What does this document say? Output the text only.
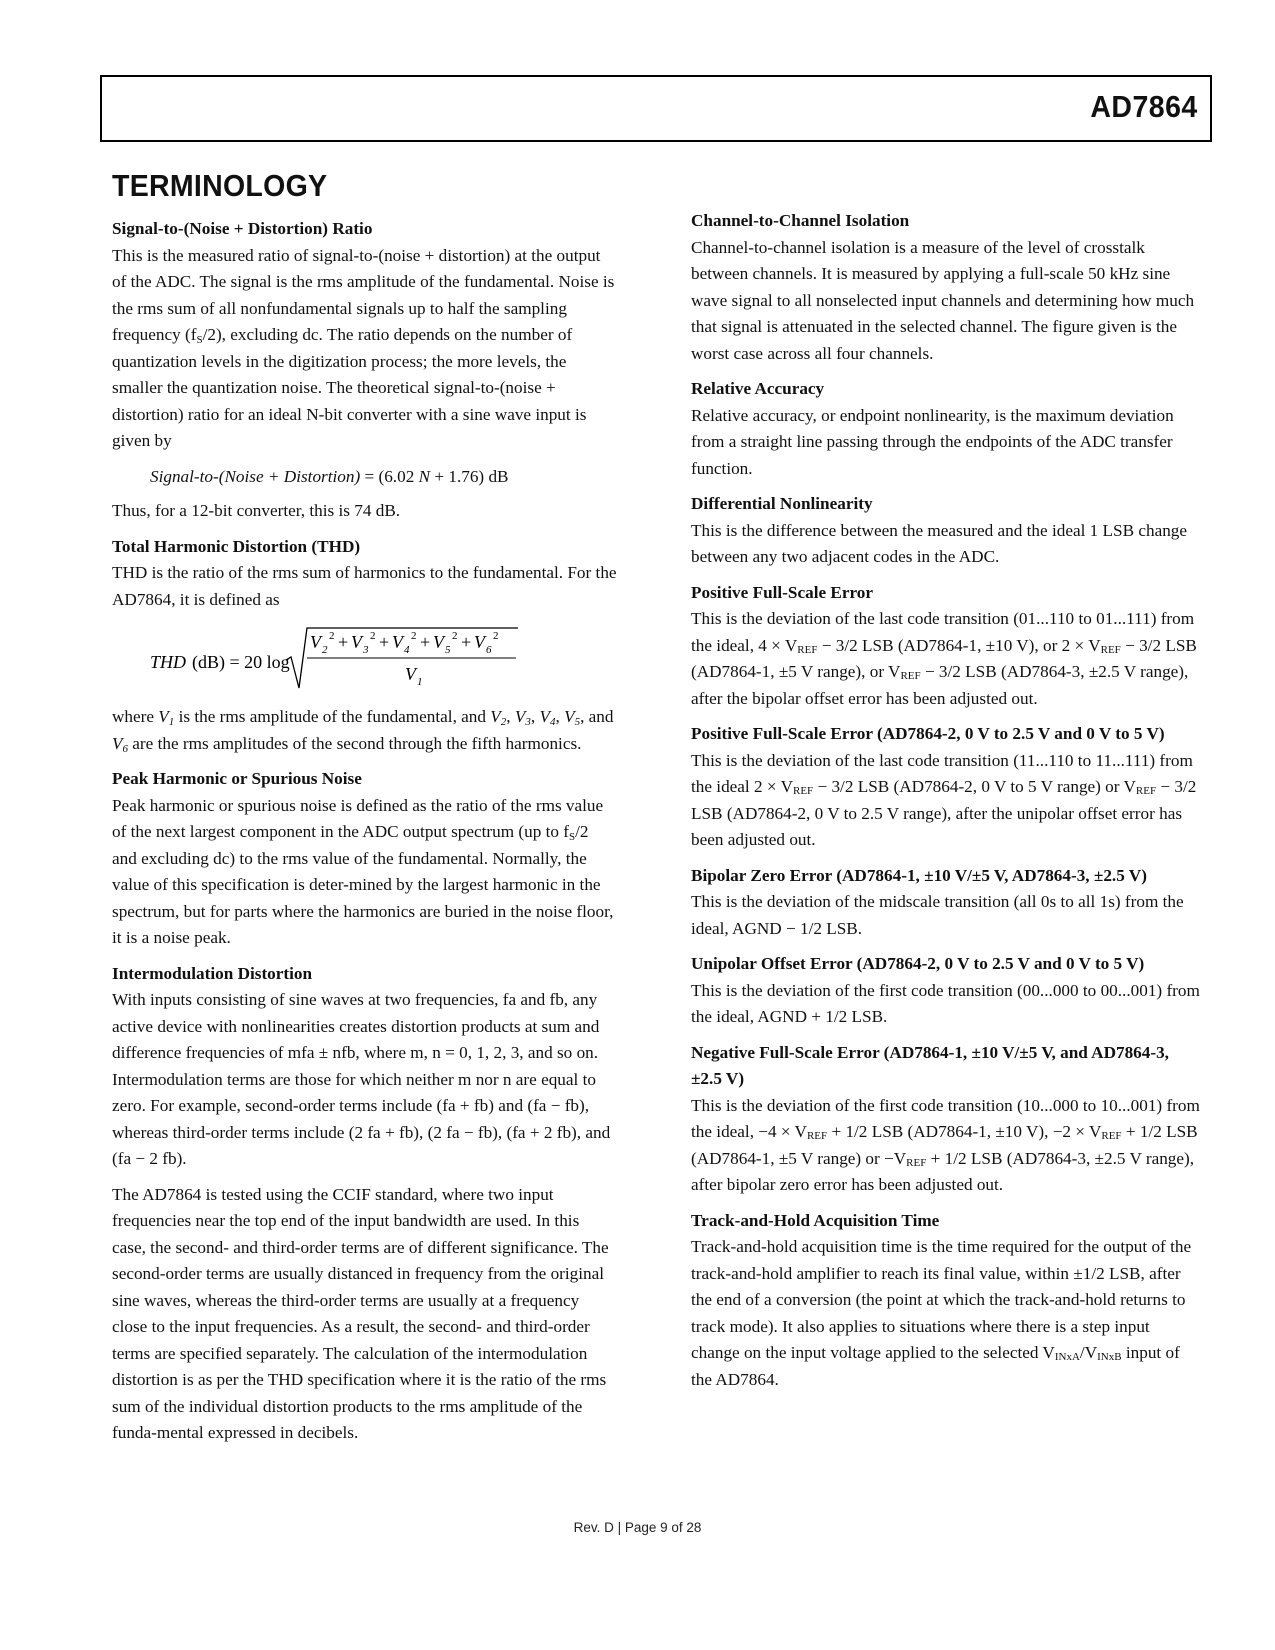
AD7864
TERMINOLOGY
Signal-to-(Noise + Distortion) Ratio

This is the measured ratio of signal-to-(noise + distortion) at the output of the ADC. The signal is the rms amplitude of the fundamental. Noise is the rms sum of all nonfundamental signals up to half the sampling frequency $(f_S/2)$, excluding dc. The ratio depends on the number of quantization levels in the digitization process; the more levels, the smaller the quantization noise. The theoretical signal-to-(noise + distortion) ratio for an ideal N-bit converter with a sine wave input is given by

Signal-to-(Noise + Distortion) = (6.02 N + 1.76) dB

Thus, for a 12-bit converter, this is 74 dB.

Total Harmonic Distortion (THD)

THD is the ratio of the rms sum of harmonics to the fundamental. For the AD7864, it is defined as

THD (dB) = 20 log
V 2
2 + V 3
2 + V 4
2 + V 5
2 + V 6
2
V 1

where $V_1$ is the rms amplitude of the fundamental, and $V_2$, $V_3$, $V_4$, $V_5$, and $V_6$ are the rms amplitudes of the second through the fifth harmonics.

Peak Harmonic or Spurious Noise

Peak harmonic or spurious noise is defined as the ratio of the rms value of the next largest component in the ADC output spectrum (up to $f_S/2$ and excluding dc) to the rms value of the fundamental. Normally, the value of this specification is deter-mined by the largest harmonic in the spectrum, but for parts where the harmonics are buried in the noise floor, it is a noise peak.

Intermodulation Distortion

With inputs consisting of sine waves at two frequencies, fa and fb, any active device with nonlinearities creates distortion products at sum and difference frequencies of mfa ± nfb, where m, n = 0, 1, 2, 3, and so on. Intermodulation terms are those for which neither m nor n are equal to zero. For example, second-order terms include (fa + fb) and (fa − fb), whereas third-order terms include (2 fa + fb), (2 fa − fb), (fa + 2 fb), and (fa − 2 fb).

The AD7864 is tested using the CCIF standard, where two input frequencies near the top end of the input bandwidth are used. In this case, the second- and third-order terms are of different significance. The second-order terms are usually distanced in frequency from the original sine waves, whereas the third-order terms are usually at a frequency close to the input frequencies. As a result, the second- and third-order terms are specified separately. The calculation of the intermodulation distortion is as per the THD specification where it is the ratio of the rms sum of the individual distortion products to the rms amplitude of the funda-mental expressed in decibels.

Channel-to-Channel Isolation

Channel-to-channel isolation is a measure of the level of crosstalk between channels. It is measured by applying a full-scale 50 kHz sine wave signal to all nonselected input channels and determining how much that signal is attenuated in the selected channel. The figure given is the worst case across all four channels.

Relative Accuracy

Relative accuracy, or endpoint nonlinearity, is the maximum deviation from a straight line passing through the endpoints of the ADC transfer function.

Differential Nonlinearity

This is the difference between the measured and the ideal 1 LSB change between any two adjacent codes in the ADC.

Positive Full-Scale Error

This is the deviation of the last code transition (01...110 to 01...111) from the ideal, $4 \times V_{REF} - 3/2$ LSB (AD7864-1, ±10 V), or $2 \times V_{REF} - 3/2$ LSB (AD7864-1, ±5 V range), or $V_{REF} - 3/2$ LSB (AD7864-3, ±2.5 V range), after the bipolar offset error has been adjusted out.

Positive Full-Scale Error (AD7864-2, 0 V to 2.5 V and 0 V to 5 V)

This is the deviation of the last code transition (11...110 to 11...111) from the ideal $2 \times V_{REF} - 3/2$ LSB (AD7864-2, 0 V to 5 V range) or $V_{REF} - 3/2$ LSB (AD7864-2, 0 V to 2.5 V range), after the unipolar offset error has been adjusted out.

Bipolar Zero Error (AD7864-1, ±10 V/±5 V, AD7864-3, ±2.5 V)

This is the deviation of the midscale transition (all 0s to all 1s) from the ideal, AGND − 1/2 LSB.

Unipolar Offset Error (AD7864-2, 0 V to 2.5 V and 0 V to 5 V)

This is the deviation of the first code transition (00...000 to 00...001) from the ideal, AGND + 1/2 LSB.

Negative Full-Scale Error (AD7864-1, ±10 V/±5 V, and AD7864-3, ±2.5 V)

This is the deviation of the first code transition (10...000 to 10...001) from the ideal, $-4 \times V_{REF} + 1/2$ LSB (AD7864-1, ±10 V), $-2 \times V_{REF} + 1/2$ LSB (AD7864-1, ±5 V range) or $-V_{REF} + 1/2$ LSB (AD7864-3, ±2.5 V range), after bipolar zero error has been adjusted out.

Track-and-Hold Acquisition Time

Track-and-hold acquisition time is the time required for the output of the track-and-hold amplifier to reach its final value, within ±1/2 LSB, after the end of a conversion (the point at which the track-and-hold returns to track mode). It also applies to situations where there is a step input change on the input voltage applied to the selected $V_{INxA}/V_{INxB}$ input of the AD7864.

Rev. D | Page 9 of 28
